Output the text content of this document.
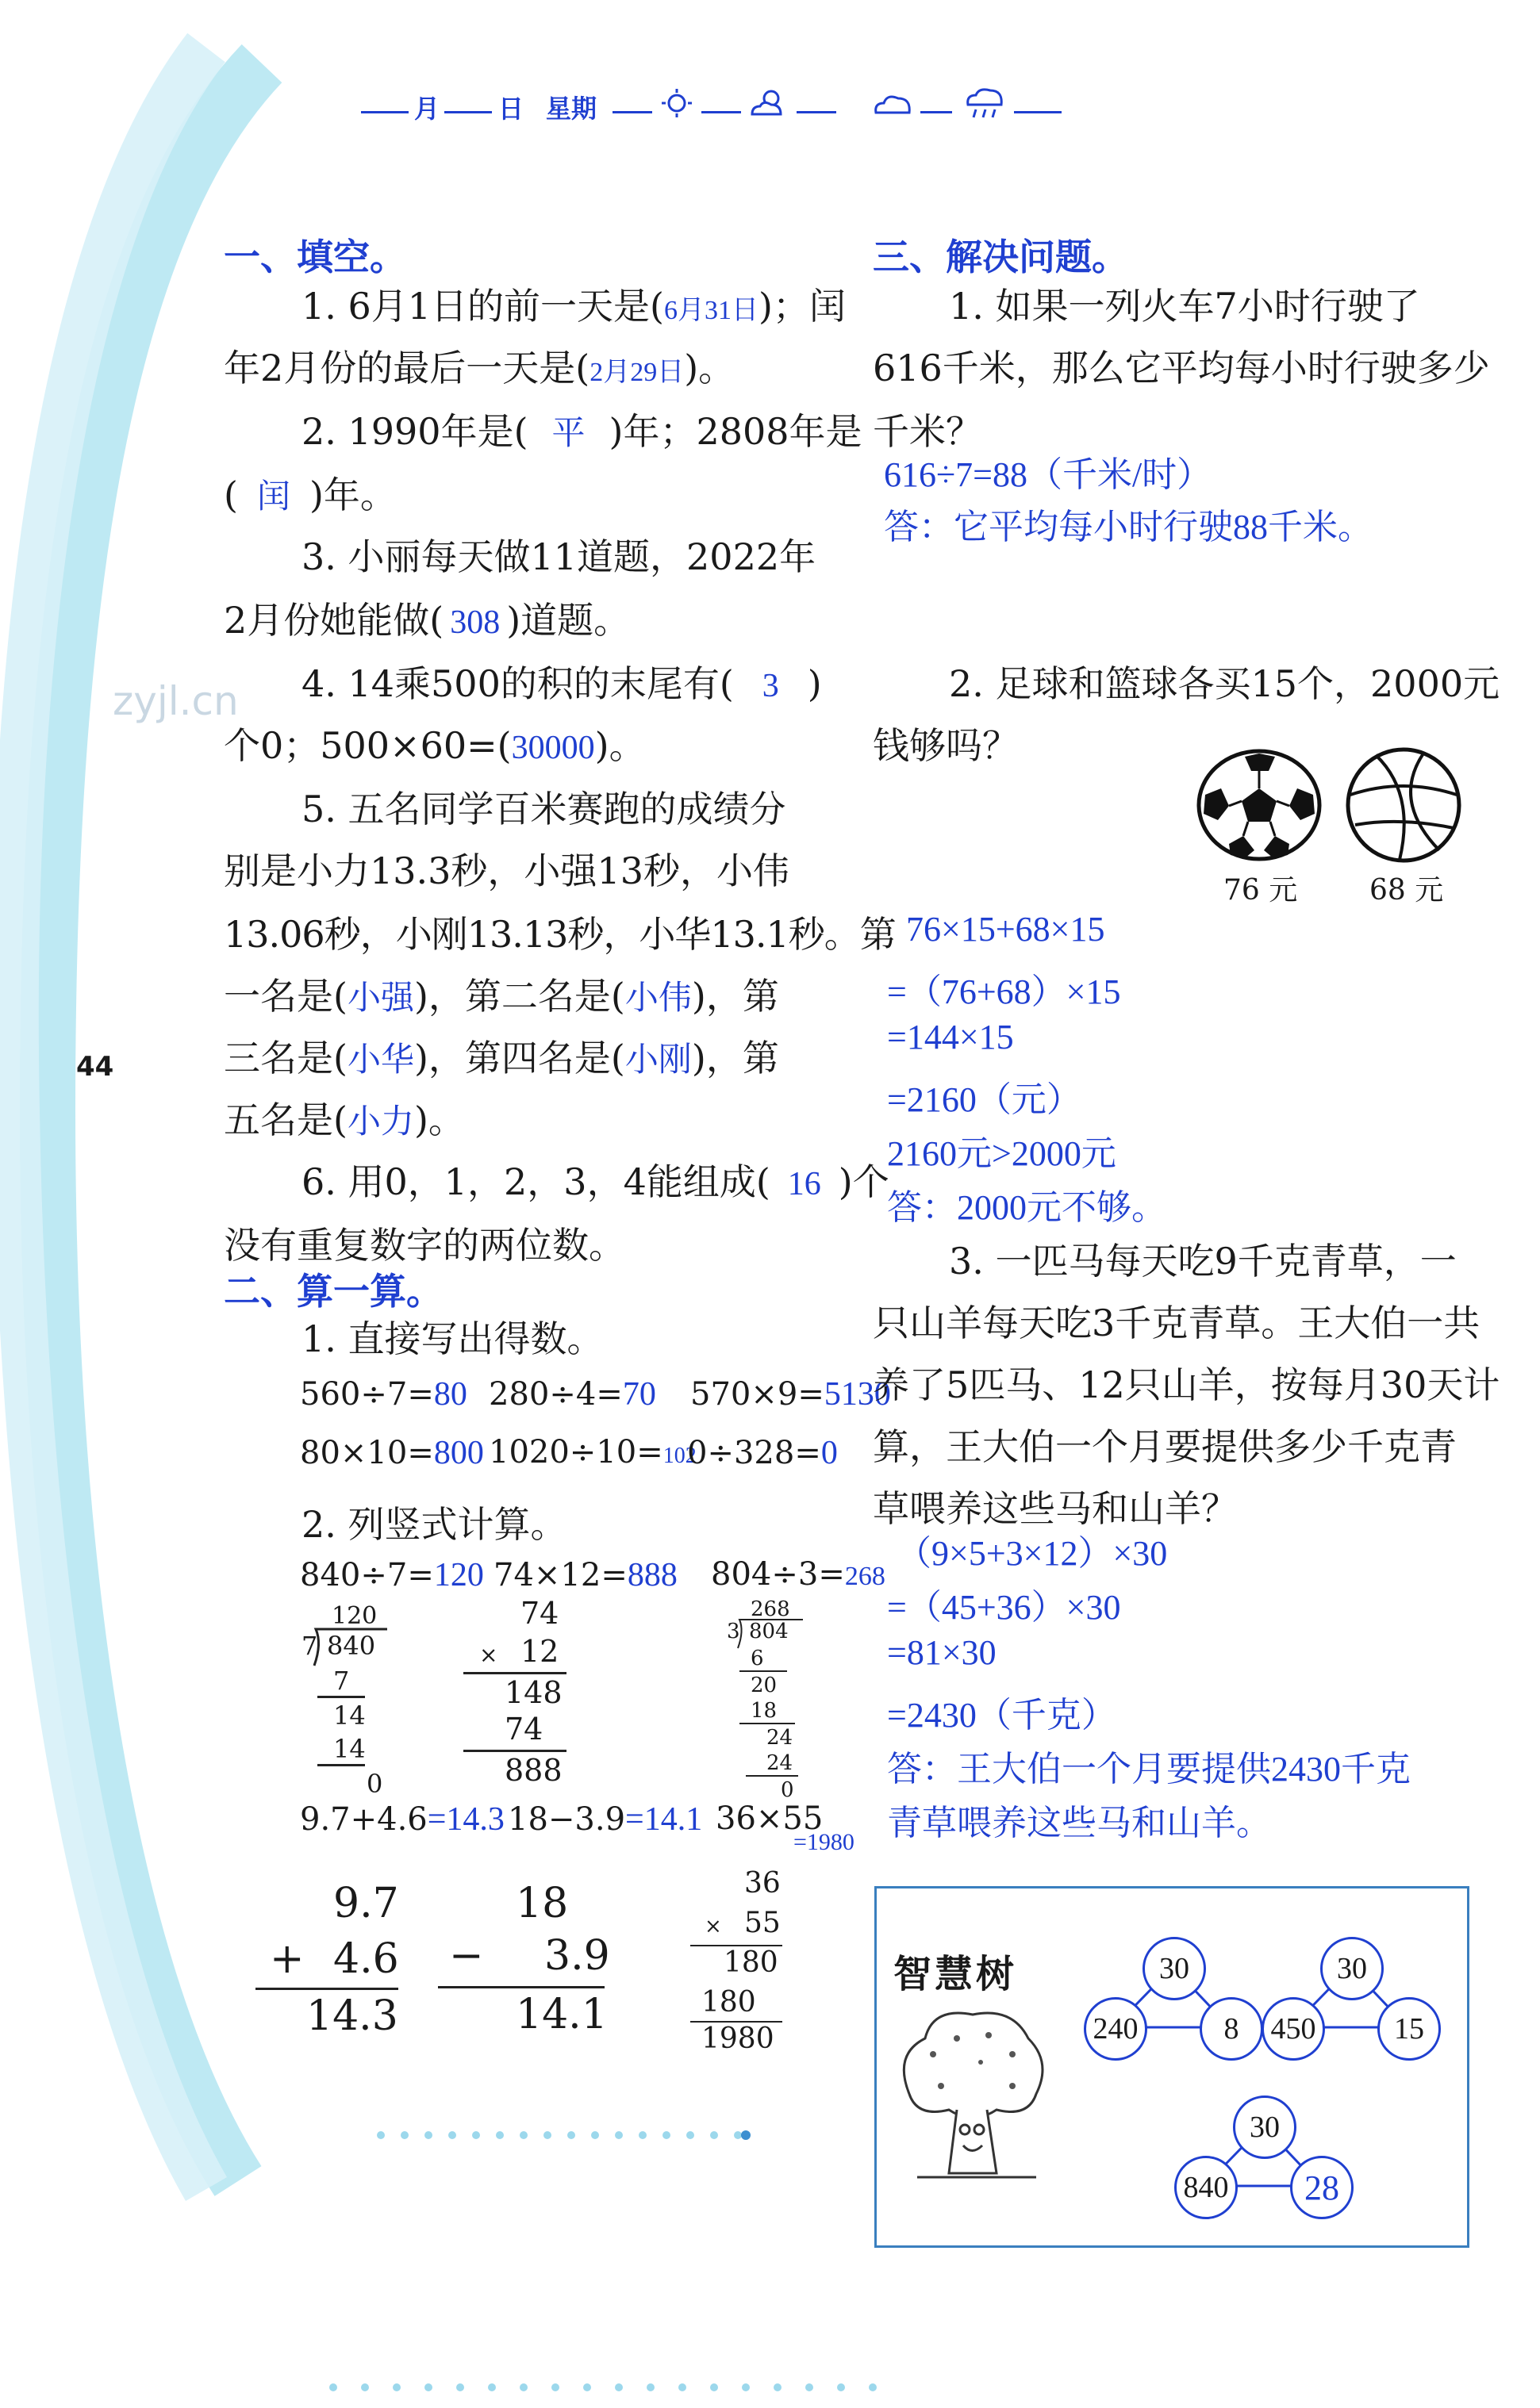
月 日 星期
44
zyjl.cn
一、填空。
1. 6月1日的前一天是(6月31日)；闰
年2月份的最后一天是(2月29日)。
2. 1990年是( 平 )年；2808年是
( 闰 )年。
3. 小丽每天做11道题，2022年
2月份她能做( 308 )道题。
4. 14乘500的积的末尾有( 3 )
个0；500×60=(30000)。
5. 五名同学百米赛跑的成绩分
别是小力13.3秒，小强13秒，小伟
13.06秒，小刚13.13秒，小华13.1秒。第
一名是(小强)，第二名是(小伟)，第
三名是(小华)，第四名是(小刚)，第
五名是(小力)。
6. 用0，1，2，3，4能组成( 16 )个
没有重复数字的两位数。
二、算一算。
1. 直接写出得数。
560÷7=80 280÷4=70 570×9=5130
80×10=800 1020÷10=102
0÷328=0
2. 列竖式计算。
840÷7=120 74×12=888 804÷3=268
120
7 840
7
14
14
0
74
× 12
148
74
888
268
3 804
6
20
18
24
24
0
9.7+4.6=14.3 18−3.9=14.1 36×55
=1980
9.7
+ 4.6
14.3
18
− 3.9
14.1
36
× 55
180
180
1980
三、解决问题。
1. 如果一列火车7小时行驶了
616千米，那么它平均每小时行驶多少
千米？
616÷7=88（千米/时）
答：它平均每小时行驶88千米。
2. 足球和篮球各买15个，2000元
钱够吗？
76 元	68 元
76×15+68×15
=（76+68）×15
=144×15
=2160（元）
2160元>2000元
答：2000元不够。
3. 一匹马每天吃9千克青草，一
只山羊每天吃3千克青草。王大伯一共
养了5匹马、12只山羊，按每月30天计
算，王大伯一个月要提供多少千克青
草喂养这些马和山羊？
（9×5+3×12）×30
=（45+36）×30
=81×30
=2430（千克）
答：王大伯一个月要提供2430千克
青草喂养这些马和山羊。
智慧树	30
240	8
30
450	15
30
840	28
